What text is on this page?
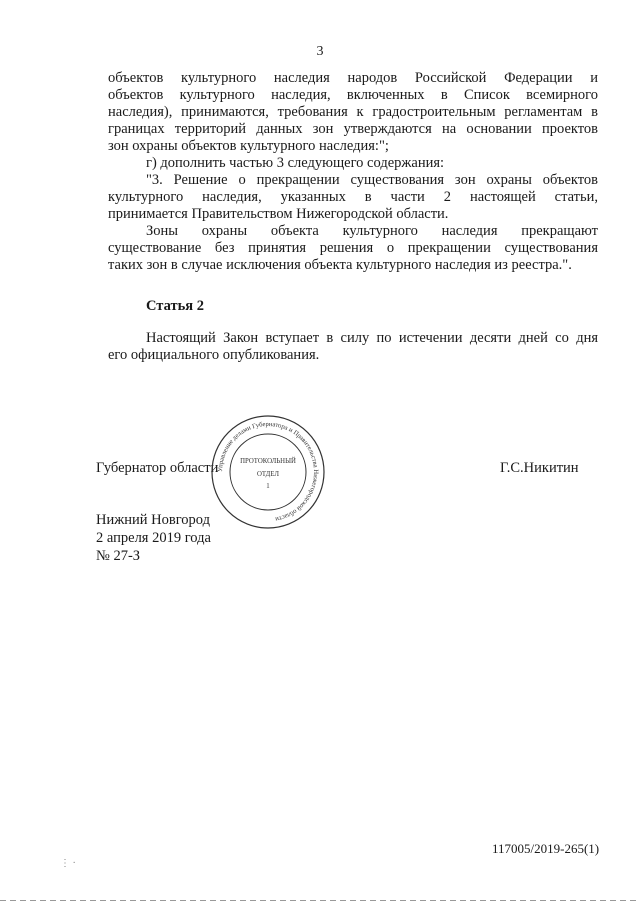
3
объектов культурного наследия народов Российской Федерации и
объектов культурного наследия, включенных в Список всемирного
наследия), принимаются, требования к градостроительным регламентам в
границах территорий данных зон утверждаются на основании проектов
зон охраны объектов культурного наследия:";
г) дополнить частью 3 следующего содержания:
"3. Решение о прекращении существования зон охраны объектов
культурного наследия, указанных в части 2 настоящей статьи,
принимается Правительством Нижегородской области.
Зоны охраны объекта культурного наследия прекращают
существование без принятия решения о прекращении существования
таких зон в случае исключения объекта культурного наследия из реестра.".
Статья 2
Настоящий Закон вступает в силу по истечении десяти дней со дня
его официального опубликования.
Губернатор области	Г.С.Никитин
Управление делами Губернатора и Правительства Нижегородской области
ПРОТОКОЛЬНЫЙ
ОТДЕЛ
1
Нижний Новгород
2 апреля 2019 года
№ 27-З
117005/2019-265(1)
⋮ ·
